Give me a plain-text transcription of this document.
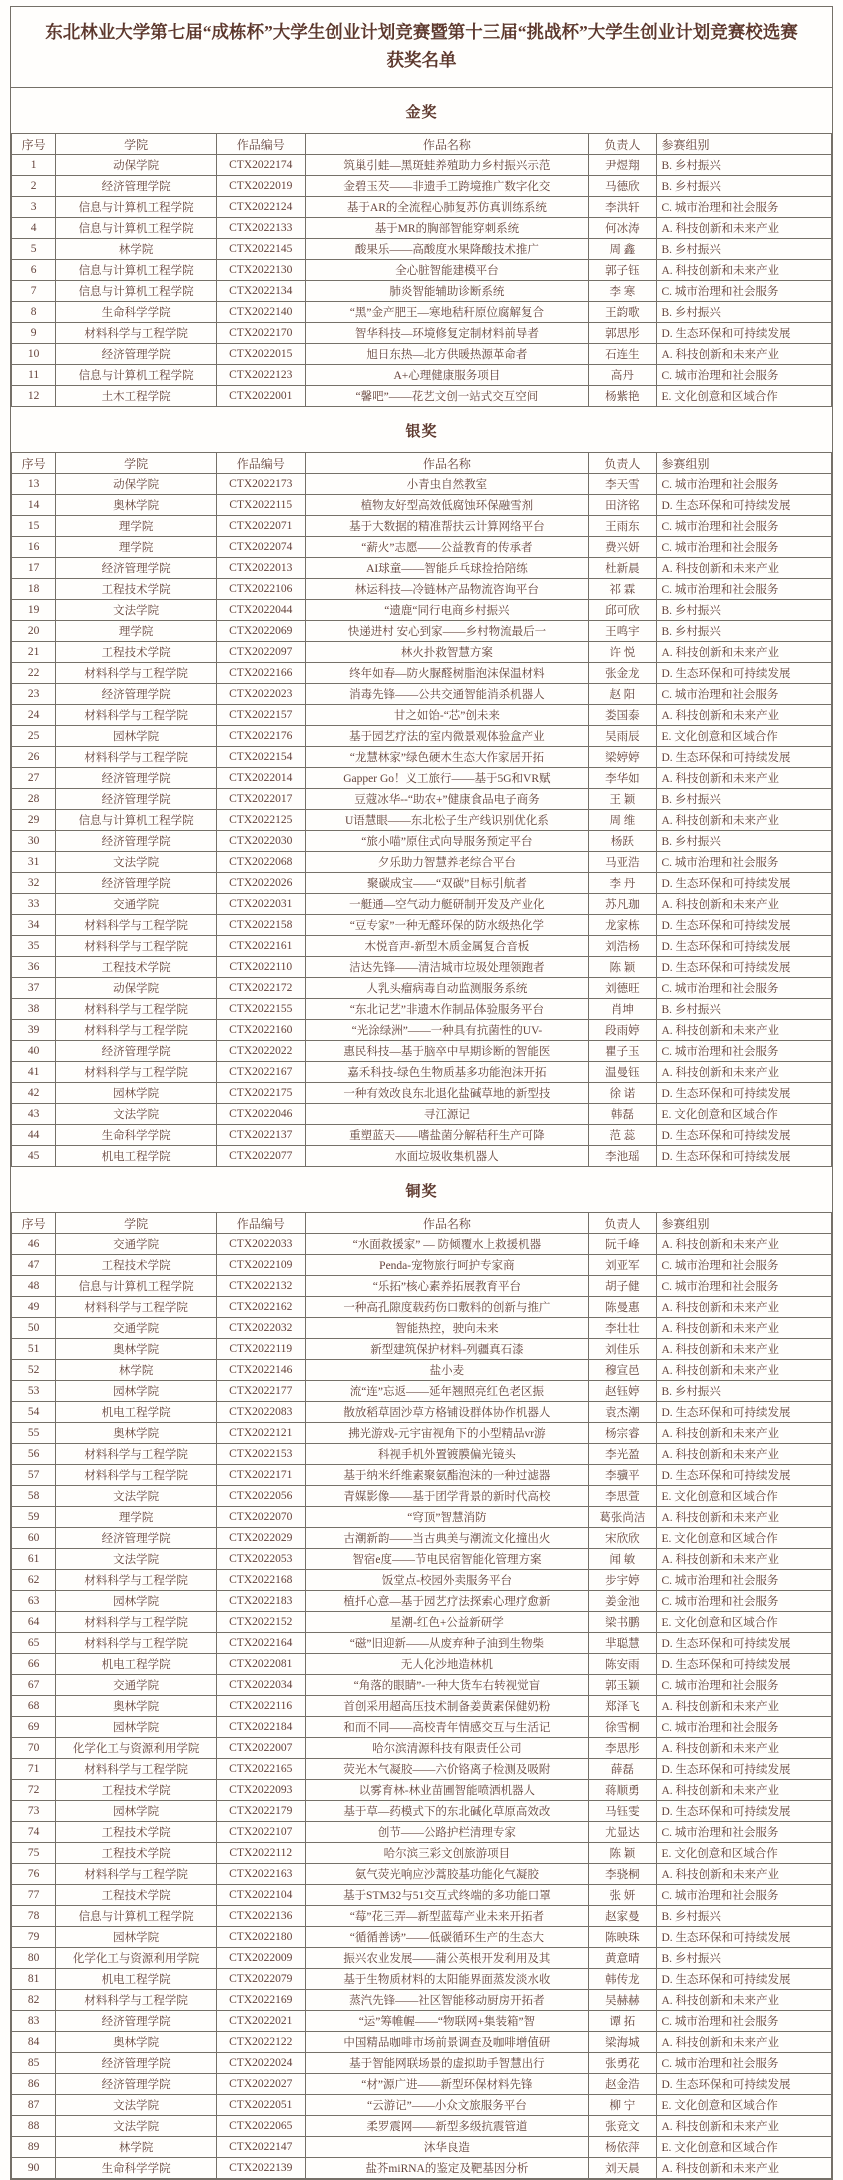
东北林业大学第七届“成栋杯”大学生创业计划竞赛暨第十三届“挑战杯”大学生创业计划竞赛校选赛获奖名单
金奖
序号	学院	作品编号	作品名称	负责人	参赛组别
1	动保学院	CTX2022174	筑巢引蛙—黑斑蛙养殖助力乡村振兴示范	尹煜翔	B. 乡村振兴
2	经济管理学院	CTX2022019	金碧玉芡——非遗手工跨境推广数字化交	马德欣	B. 乡村振兴
3	信息与计算机工程学院	CTX2022124	基于AR的全流程心肺复苏仿真训练系统	李洪轩	C. 城市治理和社会服务
4	信息与计算机工程学院	CTX2022133	基于MR的胸部智能穿刺系统	何冰涛	A. 科技创新和未来产业
5	林学院	CTX2022145	酸果乐——高酸度水果降酸技术推广	周 鑫	B. 乡村振兴
6	信息与计算机工程学院	CTX2022130	全心脏智能建模平台	郭子钰	A. 科技创新和未来产业
7	信息与计算机工程学院	CTX2022134	肺炎智能辅助诊断系统	李 寒	C. 城市治理和社会服务
8	生命科学学院	CTX2022140	“黑”金产肥王—寒地秸秆原位腐解复合	王韵歌	B. 乡村振兴
9	材料科学与工程学院	CTX2022170	智华科技—环境修复定制材料前导者	郭思彤	D. 生态环保和可持续发展
10	经济管理学院	CTX2022015	旭日东热—北方供暖热源革命者	石连生	A. 科技创新和未来产业
11	信息与计算机工程学院	CTX2022123	A+心理健康服务项目	高丹	C. 城市治理和社会服务
12	土木工程学院	CTX2022001	“馨吧”——花艺文创一站式交互空间	杨紫艳	E. 文化创意和区域合作
银奖
序号	学院	作品编号	作品名称	负责人	参赛组别
13	动保学院	CTX2022173	小青虫自然教室	李天雪	C. 城市治理和社会服务
14	奥林学院	CTX2022115	植物友好型高效低腐蚀环保融雪剂	田济铭	D. 生态环保和可持续发展
15	理学院	CTX2022071	基于大数据的精准帮扶云计算网络平台	王雨东	C. 城市治理和社会服务
16	理学院	CTX2022074	“薪火”志愿——公益教育的传承者	费兴妍	C. 城市治理和社会服务
17	经济管理学院	CTX2022013	AI球童——智能乒乓球捡拾陪练	杜新晨	A. 科技创新和未来产业
18	工程技术学院	CTX2022106	林运科技—冷链林产品物流咨询平台	祁 霖	C. 城市治理和社会服务
19	文法学院	CTX2022044	“遗鹿“同行电商乡村振兴	邱可欣	B. 乡村振兴
20	理学院	CTX2022069	快递进村 安心到家——乡村物流最后一	王鸣宇	B. 乡村振兴
21	工程技术学院	CTX2022097	林火扑救智慧方案	许 悦	A. 科技创新和未来产业
22	材料科学与工程学院	CTX2022166	终年如春—防火脲醛树脂泡沫保温材料	张金龙	D. 生态环保和可持续发展
23	经济管理学院	CTX2022023	消毒先锋——公共交通智能消杀机器人	赵 阳	C. 城市治理和社会服务
24	材料科学与工程学院	CTX2022157	甘之如饴-“芯”创未来	娄国泰	A. 科技创新和未来产业
25	园林学院	CTX2022176	基于园艺疗法的室内微景观体验盒产业	吴雨辰	E. 文化创意和区域合作
26	材料科学与工程学院	CTX2022154	“龙慧林家”绿色硬木生态大作家居开拓	梁婷婷	D. 生态环保和可持续发展
27	经济管理学院	CTX2022014	Gapper Go！义工旅行——基于5G和VR赋	李华如	A. 科技创新和未来产业
28	经济管理学院	CTX2022017	豆蔻冰华--“助农+”健康食品电子商务	王 颖	B. 乡村振兴
29	信息与计算机工程学院	CTX2022125	U语慧眼——东北松子生产线识别优化系	周 维	A. 科技创新和未来产业
30	经济管理学院	CTX2022030	“旅小喵”原住式向导服务预定平台	杨跃	B. 乡村振兴
31	文法学院	CTX2022068	夕乐助力智慧养老综合平台	马亚浩	C. 城市治理和社会服务
32	经济管理学院	CTX2022026	聚碳成宝——“双碳”目标引航者	李 丹	D. 生态环保和可持续发展
33	交通学院	CTX2022031	一艇通—空气动力艇研制开发及产业化	苏凡珈	A. 科技创新和未来产业
34	材料科学与工程学院	CTX2022158	“豆专家”一种无醛环保的防水级热化学	龙家栋	D. 生态环保和可持续发展
35	材料科学与工程学院	CTX2022161	木悦音声-新型木质金属复合音板	刘浩杨	D. 生态环保和可持续发展
36	工程技术学院	CTX2022110	洁达先锋——清洁城市垃圾处理领跑者	陈 颖	D. 生态环保和可持续发展
37	动保学院	CTX2022172	人乳头瘤病毒自动监测服务系统	刘德旺	C. 城市治理和社会服务
38	材料科学与工程学院	CTX2022155	“东北记艺”非遗木作制品体验服务平台	肖坤	B. 乡村振兴
39	材料科学与工程学院	CTX2022160	“光涂绿洲”——一种具有抗菌性的UV-	段雨婷	A. 科技创新和未来产业
40	经济管理学院	CTX2022022	惠民科技—基于脑卒中早期诊断的智能医	瞿子玉	C. 城市治理和社会服务
41	材料科学与工程学院	CTX2022167	嘉禾科技-绿色生物质基多功能泡沫开拓	温曼钰	A. 科技创新和未来产业
42	园林学院	CTX2022175	一种有效改良东北退化盐碱草地的新型技	徐 诺	D. 生态环保和可持续发展
43	文法学院	CTX2022046	寻江源记	韩磊	E. 文化创意和区域合作
44	生命科学学院	CTX2022137	重塑蓝天——嗜盐菌分解秸秆生产可降	范 蕊	D. 生态环保和可持续发展
45	机电工程学院	CTX2022077	水面垃圾收集机器人	李池瑶	D. 生态环保和可持续发展
铜奖
序号	学院	作品编号	作品名称	负责人	参赛组别
46	交通学院	CTX2022033	“水面救援家” — 防倾覆水上救援机器	阮千峰	A. 科技创新和未来产业
47	工程技术学院	CTX2022109	Penda-宠物旅行呵护专家商	刘亚军	C. 城市治理和社会服务
48	信息与计算机工程学院	CTX2022132	“乐拓”核心素养拓展教育平台	胡子健	C. 城市治理和社会服务
49	材料科学与工程学院	CTX2022162	一种高孔隙度载药伤口敷料的创新与推广	陈曼惠	A. 科技创新和未来产业
50	交通学院	CTX2022032	智能热控，驶向未来	李壮壮	A. 科技创新和未来产业
51	奥林学院	CTX2022119	新型建筑保护材料-列疆真石漆	刘佳乐	A. 科技创新和未来产业
52	林学院	CTX2022146	盐小麦	穆宣邑	A. 科技创新和未来产业
53	园林学院	CTX2022177	流“连”忘返——延年翘照亮红色老区振	赵钰婷	B. 乡村振兴
54	机电工程学院	CTX2022083	散放稻草固沙草方格铺设群体协作机器人	袁杰潮	D. 生态环保和可持续发展
55	奥林学院	CTX2022121	拂光游戏-元宇宙视角下的小型精品vr游	杨宗睿	A. 科技创新和未来产业
56	材料科学与工程学院	CTX2022153	科视手机外置镀膜偏光镜头	李光盈	A. 科技创新和未来产业
57	材料科学与工程学院	CTX2022171	基于纳米纤维素聚氨酯泡沫的一种过滤器	李骥平	D. 生态环保和可持续发展
58	文法学院	CTX2022056	青媒影像——基于团学背景的新时代高校	李思萱	E. 文化创意和区域合作
59	理学院	CTX2022070	“穹顶”智慧消防	葛张尚洁	A. 科技创新和未来产业
60	经济管理学院	CTX2022029	古潮新韵——当古典美与潮流文化撞出火	宋欣欣	E. 文化创意和区域合作
61	文法学院	CTX2022053	智宿e度——节电民宿智能化管理方案	闻 敏	A. 科技创新和未来产业
62	材料科学与工程学院	CTX2022168	饭堂点-校园外卖服务平台	步宇婷	C. 城市治理和社会服务
63	园林学院	CTX2022183	植扦心意—基于园艺疗法探索心理疗愈新	姜金池	C. 城市治理和社会服务
64	材料科学与工程学院	CTX2022152	星潮-红色+公益新研学	梁书鹏	E. 文化创意和区域合作
65	材料科学与工程学院	CTX2022164	“磁”旧迎新——从废弃种子油到生物柴	芈聪慧	D. 生态环保和可持续发展
66	机电工程学院	CTX2022081	无人化沙地造林机	陈安雨	D. 生态环保和可持续发展
67	交通学院	CTX2022034	“角落的眼睛”-一种大货车右转视觉盲	郭玉颖	C. 城市治理和社会服务
68	奥林学院	CTX2022116	首创采用超高压技术制备姜黄素保健奶粉	郑泽飞	A. 科技创新和未来产业
69	园林学院	CTX2022184	和而不同——高校青年情感交互与生活记	徐雪桐	C. 城市治理和社会服务
70	化学化工与资源利用学院	CTX2022007	哈尔滨清源科技有限责任公司	李思彤	A. 科技创新和未来产业
71	材料科学与工程学院	CTX2022165	荧光木气凝胶——六价铬离子检测及吸附	薛磊	D. 生态环保和可持续发展
72	工程技术学院	CTX2022093	以雾育林-林业苗圃智能喷洒机器人	蒋顺勇	A. 科技创新和未来产业
73	园林学院	CTX2022179	基于草—药模式下的东北碱化草原高效改	马钰雯	D. 生态环保和可持续发展
74	工程技术学院	CTX2022107	创节——公路护栏清理专家	尤显达	C. 城市治理和社会服务
75	工程技术学院	CTX2022112	哈尔滨三彩文创旅游项目	陈 颖	E. 文化创意和区域合作
76	材料科学与工程学院	CTX2022163	氨气荧光响应沙蒿胶基功能化气凝胶	李骁桐	A. 科技创新和未来产业
77	工程技术学院	CTX2022104	基于STM32与51交互式终端的多功能口罩	张 妍	C. 城市治理和社会服务
78	信息与计算机工程学院	CTX2022136	“莓”花三弄—新型蓝莓产业未来开拓者	赵家曼	B. 乡村振兴
79	园林学院	CTX2022180	“循循善诱”——低碳循环生产的生态大	陈映珠	D. 生态环保和可持续发展
80	化学化工与资源利用学院	CTX2022009	振兴农业发展——蒲公英根开发利用及其	黄意晴	B. 乡村振兴
81	机电工程学院	CTX2022079	基于生物质材料的太阳能界面蒸发淡水收	韩传龙	D. 生态环保和可持续发展
82	材料科学与工程学院	CTX2022169	蒸汽先锋——社区智能移动厨房开拓者	吴赫赫	A. 科技创新和未来产业
83	经济管理学院	CTX2022021	“运”筹帷幄——“物联网+集装箱”智	谭 拓	C. 城市治理和社会服务
84	奥林学院	CTX2022122	中国精品咖啡市场前景调查及咖啡增值研	梁海城	A. 科技创新和未来产业
85	经济管理学院	CTX2022024	基于智能网联场景的虚拟助手智慧出行	张勇花	C. 城市治理和社会服务
86	经济管理学院	CTX2022027	“材”源广进——新型环保材料先锋	赵金浩	D. 生态环保和可持续发展
87	文法学院	CTX2022051	“云游记”——小众文旅服务平台	柳 宁	E. 文化创意和区域合作
88	文法学院	CTX2022065	柔罗震网——新型多级抗震管道	张竞文	A. 科技创新和未来产业
89	林学院	CTX2022147	沐华良造	杨依萍	E. 文化创意和区域合作
90	生命科学学院	CTX2022139	盐芥miRNA的鉴定及靶基因分析	刘天晨	A. 科技创新和未来产业
